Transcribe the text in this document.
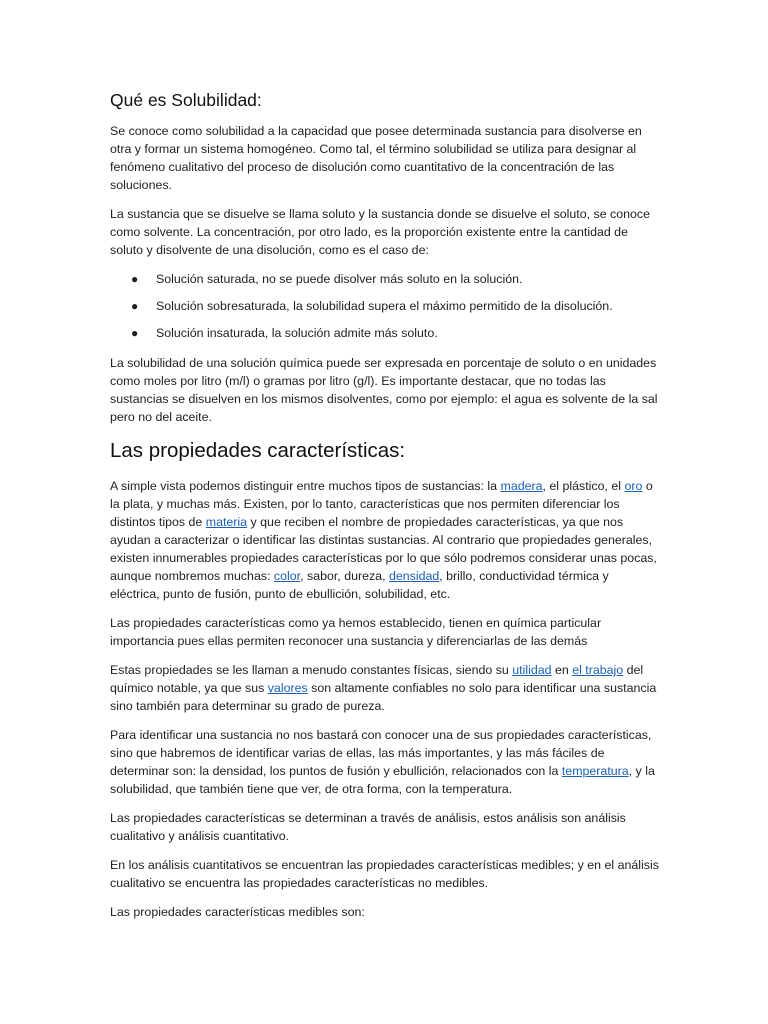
Qué es Solubilidad:

Se conoce como solubilidad a la capacidad que posee determinada sustancia para disolverse en otra y formar un sistema homogéneo. Como tal, el término solubilidad se utiliza para designar al fenómeno cualitativo del proceso de disolución como cuantitativo de la concentración de las soluciones.

La sustancia que se disuelve se llama soluto y la sustancia donde se disuelve el soluto, se conoce como solvente. La concentración, por otro lado, es la proporción existente entre la cantidad de soluto y disolvente de una disolución, como es el caso de:

● Solución saturada, no se puede disolver más soluto en la solución.
● Solución sobresaturada, la solubilidad supera el máximo permitido de la disolución.
● Solución insaturada, la solución admite más soluto.

La solubilidad de una solución química puede ser expresada en porcentaje de soluto o en unidades como moles por litro (m/l) o gramas por litro (g/l). Es importante destacar, que no todas las sustancias se disuelven en los mismos disolventes, como por ejemplo: el agua es solvente de la sal pero no del aceite.

Las propiedades características:

A simple vista podemos distinguir entre muchos tipos de sustancias: la madera, el plástico, el oro o la plata, y muchas más. Existen, por lo tanto, características que nos permiten diferenciar los distintos tipos de materia y que reciben el nombre de propiedades características, ya que nos ayudan a caracterizar o identificar las distintas sustancias. Al contrario que propiedades generales, existen innumerables propiedades características por lo que sólo podremos considerar unas pocas, aunque nombremos muchas: color, sabor, dureza, densidad, brillo, conductividad térmica y eléctrica, punto de fusión, punto de ebullición, solubilidad, etc.

Las propiedades características como ya hemos establecido, tienen en química particular importancia pues ellas permiten reconocer una sustancia y diferenciarlas de las demás

Estas propiedades se les llaman a menudo constantes físicas, siendo su utilidad en el trabajo del químico notable, ya que sus valores son altamente confiables no solo para identificar una sustancia sino también para determinar su grado de pureza.

Para identificar una sustancia no nos bastará con conocer una de sus propiedades características, sino que habremos de identificar varias de ellas, las más importantes, y las más fáciles de determinar son: la densidad, los puntos de fusión y ebullición, relacionados con la temperatura, y la solubilidad, que también tiene que ver, de otra forma, con la temperatura.

Las propiedades características se determinan a través de análisis, estos análisis son análisis cualitativo y análisis cuantitativo.

En los análisis cuantitativos se encuentran las propiedades características medibles; y en el análisis cualitativo se encuentra las propiedades características no medibles.

Las propiedades características medibles son:
